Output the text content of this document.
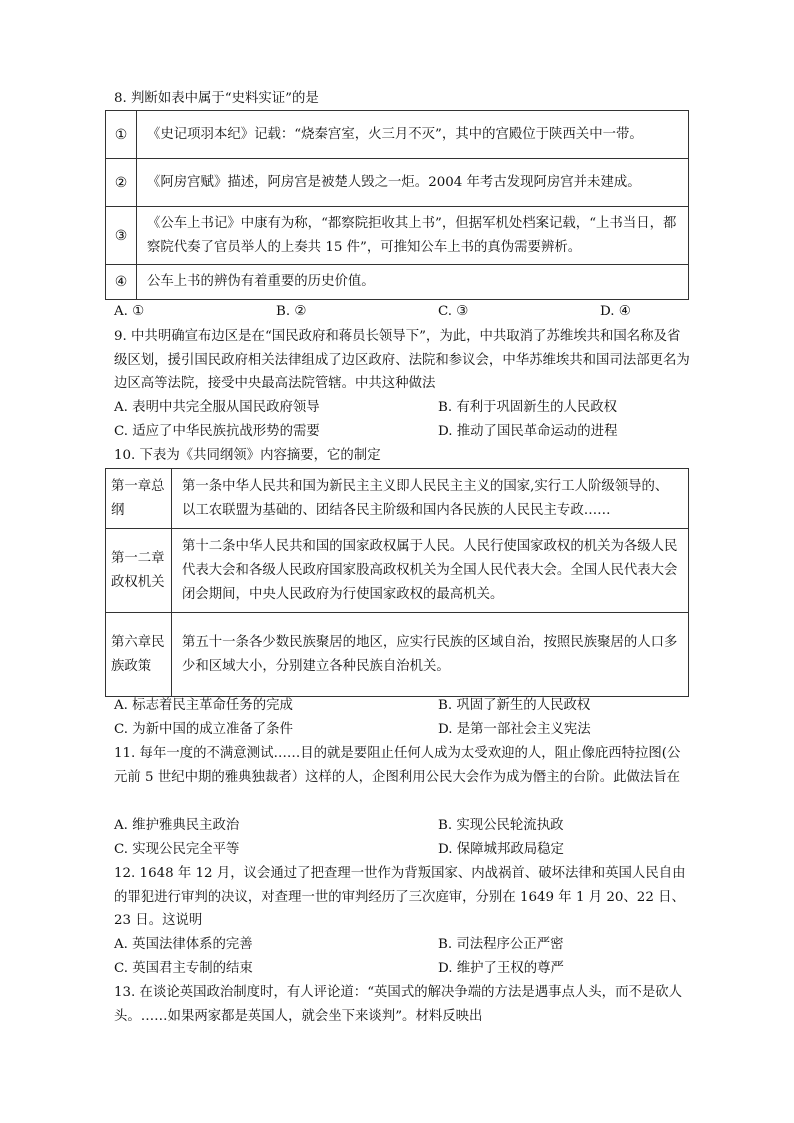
8. 判断如表中属于“史料实证”的是
①	《史记项羽本纪》记载：“烧秦宫室，火三月不灭”，其中的宫殿位于陕西关中一带。
②	《阿房宫赋》描述，阿房宫是被楚人毁之一炬。2004 年考古发现阿房宫并未建成。
③	《公车上书记》中康有为称，“都察院拒收其上书”，但据军机处档案记载，“上书当日，都察院代奏了官员举人的上奏共 15 件”，可推知公车上书的真伪需要辨析。
④	公车上书的辨伪有着重要的历史价值。
A. ①	B. ②	C. ③	D. ④
9. 中共明确宣布边区是在“国民政府和蒋员长领导下”，为此，中共取消了苏维埃共和国名称及省级区划，援引国民政府相关法律组成了边区政府、法院和参议会，中华苏维埃共和国司法部更名为边区高等法院，接受中央最高法院管辖。中共这种做法
A. 表明中共完全服从国民政府领导	B. 有利于巩固新生的人民政权
C. 适应了中华民族抗战形势的需要	D. 推动了国民革命运动的进程
10. 下表为《共同纲领》内容摘要，它的制定
第一章总纲	第一条中华人民共和国为新民主主义即人民民主主义的国家,实行工人阶级领导的、以工农联盟为基础的、团结各民主阶级和国内各民族的人民民主专政……
第一二章政权机关	第十二条中华人民共和国的国家政权属于人民。人民行使国家政权的机关为各级人民代表大会和各级人民政府国家股高政权机关为全国人民代表大会。全国人民代表大会闭会期间，中央人民政府为行使国家政权的最高机关。
第六章民族政策	第五十一条各少数民族聚居的地区，应实行民族的区域自治，按照民族聚居的人口多少和区域大小，分别建立各种民族自治机关。
A. 标志着民主革命任务的完成	B. 巩固了新生的人民政权
C. 为新中国的成立准备了条件	D. 是第一部社会主义宪法
11. 每年一度的不满意测试……目的就是要阻止任何人成为太受欢迎的人，阻止像庇西特拉图(公元前 5 世纪中期的雅典独裁者）这样的人，企图利用公民大会作为成为僭主的台阶。此做法旨在
A. 维护雅典民主政治	B. 实现公民轮流执政
C. 实现公民完全平等	D. 保障城邦政局稳定
12. 1648 年 12 月，议会通过了把查理一世作为背叛国家、内战祸首、破坏法律和英国人民自由的罪犯进行审判的决议，对查理一世的审判经历了三次庭审，分别在 1649 年 1 月 20、22 日、23 日。这说明
A. 英国法律体系的完善	B. 司法程序公正严密
C. 英国君主专制的结束	D. 维护了王权的尊严
13. 在谈论英国政治制度时，有人评论道：“英国式的解决争端的方法是遇事点人头，而不是砍人头。……如果两家都是英国人，就会坐下来谈判”。材料反映出
